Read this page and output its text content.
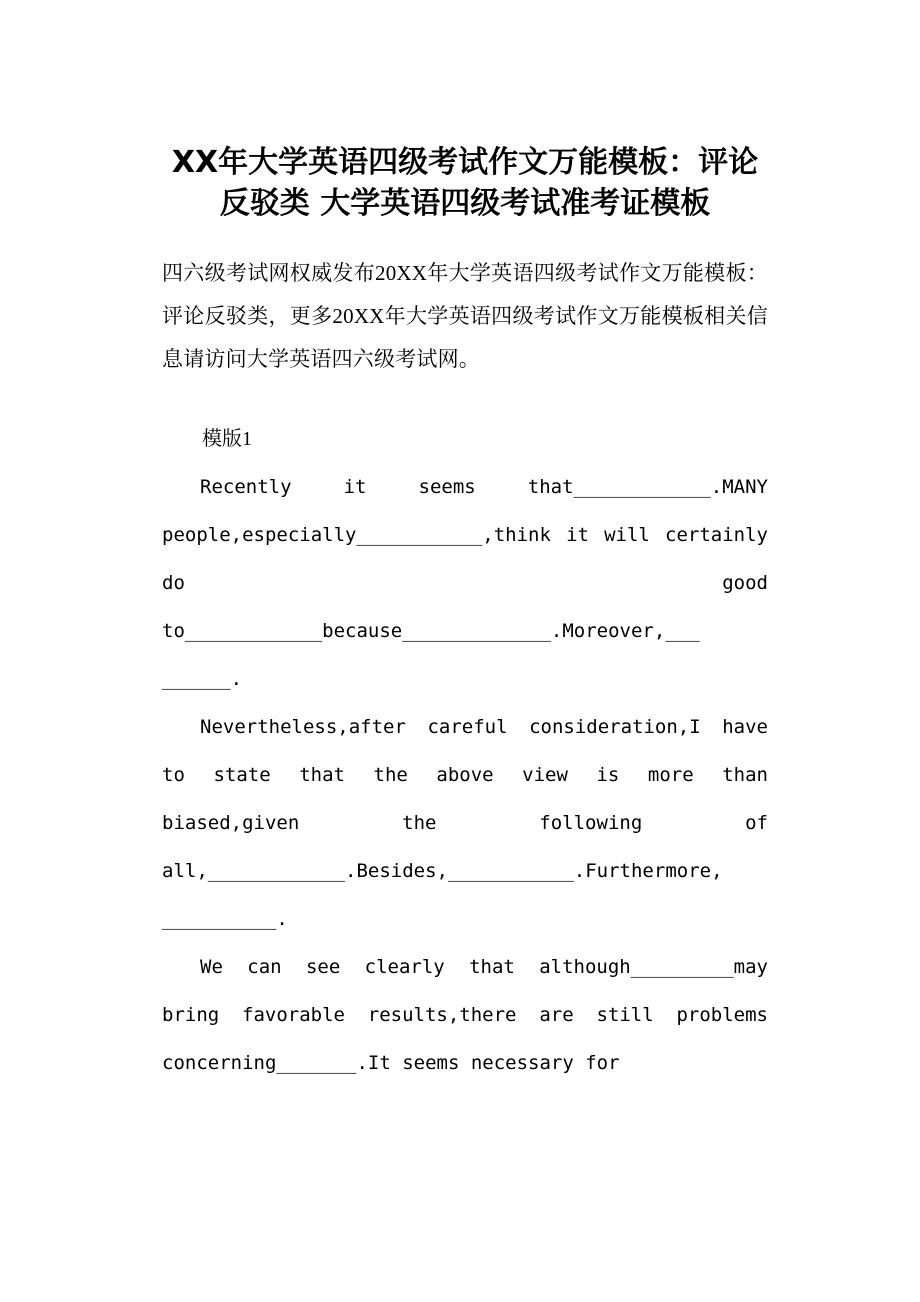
XX年大学英语四级考试作文万能模板：评论反驳类 大学英语四级考试准考证模板

四六级考试网权威发布20XX年大学英语四级考试作文万能模板：评论反驳类，更多20XX年大学英语四级考试作文万能模板相关信息请访问大学英语四六级考试网。

模版1

Recently it seems that____________.MANY people,especially___________,think it will certainly do good to____________because_____________.Moreover,___ ______.

Nevertheless,after careful consideration,I have to state that the above view is more than biased,given the following of all,____________.Besides,___________.Furthermore, __________.

We can see clearly that although_________may bring favorable results,there are still problems concerning_______.It seems necessary for
